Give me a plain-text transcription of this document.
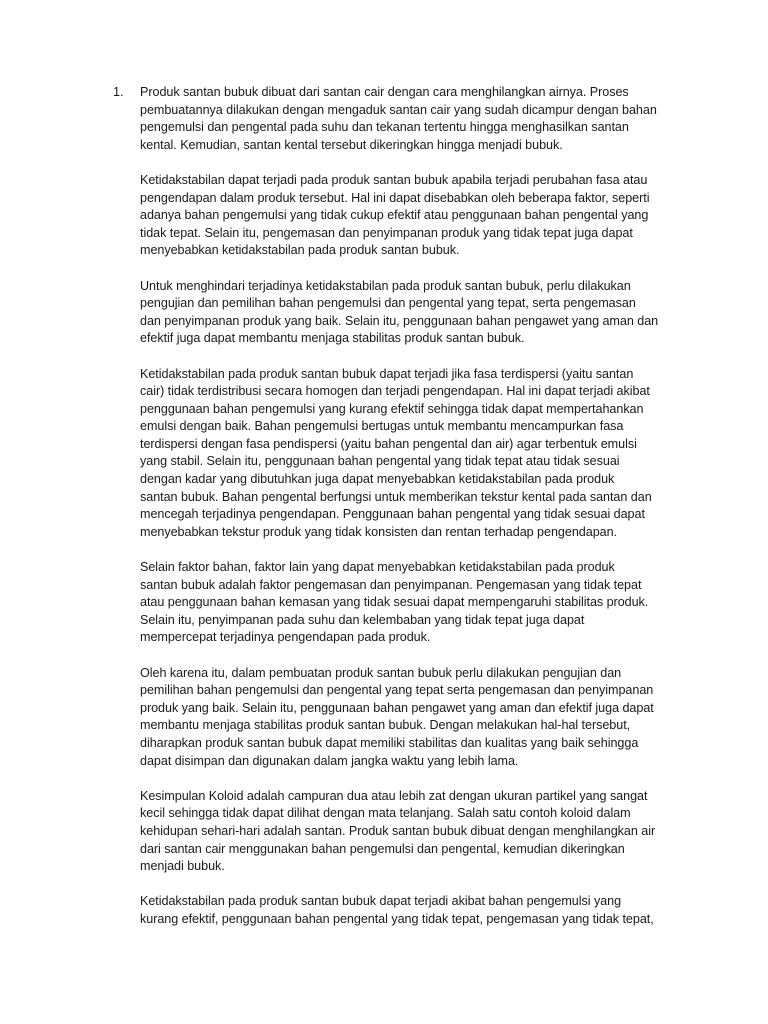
1. Produk santan bubuk dibuat dari santan cair dengan cara menghilangkan airnya. Proses
pembuatannya dilakukan dengan mengaduk santan cair yang sudah dicampur dengan bahan
pengemulsi dan pengental pada suhu dan tekanan tertentu hingga menghasilkan santan
kental. Kemudian, santan kental tersebut dikeringkan hingga menjadi bubuk.

Ketidakstabilan dapat terjadi pada produk santan bubuk apabila terjadi perubahan fasa atau
pengendapan dalam produk tersebut. Hal ini dapat disebabkan oleh beberapa faktor, seperti
adanya bahan pengemulsi yang tidak cukup efektif atau penggunaan bahan pengental yang
tidak tepat. Selain itu, pengemasan dan penyimpanan produk yang tidak tepat juga dapat
menyebabkan ketidakstabilan pada produk santan bubuk.

Untuk menghindari terjadinya ketidakstabilan pada produk santan bubuk, perlu dilakukan
pengujian dan pemilihan bahan pengemulsi dan pengental yang tepat, serta pengemasan
dan penyimpanan produk yang baik. Selain itu, penggunaan bahan pengawet yang aman dan
efektif juga dapat membantu menjaga stabilitas produk santan bubuk.

Ketidakstabilan pada produk santan bubuk dapat terjadi jika fasa terdispersi (yaitu santan
cair) tidak terdistribusi secara homogen dan terjadi pengendapan. Hal ini dapat terjadi akibat
penggunaan bahan pengemulsi yang kurang efektif sehingga tidak dapat mempertahankan
emulsi dengan baik. Bahan pengemulsi bertugas untuk membantu mencampurkan fasa
terdispersi dengan fasa pendispersi (yaitu bahan pengental dan air) agar terbentuk emulsi
yang stabil. Selain itu, penggunaan bahan pengental yang tidak tepat atau tidak sesuai
dengan kadar yang dibutuhkan juga dapat menyebabkan ketidakstabilan pada produk
santan bubuk. Bahan pengental berfungsi untuk memberikan tekstur kental pada santan dan
mencegah terjadinya pengendapan. Penggunaan bahan pengental yang tidak sesuai dapat
menyebabkan tekstur produk yang tidak konsisten dan rentan terhadap pengendapan.

Selain faktor bahan, faktor lain yang dapat menyebabkan ketidakstabilan pada produk
santan bubuk adalah faktor pengemasan dan penyimpanan. Pengemasan yang tidak tepat
atau penggunaan bahan kemasan yang tidak sesuai dapat mempengaruhi stabilitas produk.
Selain itu, penyimpanan pada suhu dan kelembaban yang tidak tepat juga dapat
mempercepat terjadinya pengendapan pada produk.

Oleh karena itu, dalam pembuatan produk santan bubuk perlu dilakukan pengujian dan
pemilihan bahan pengemulsi dan pengental yang tepat serta pengemasan dan penyimpanan
produk yang baik. Selain itu, penggunaan bahan pengawet yang aman dan efektif juga dapat
membantu menjaga stabilitas produk santan bubuk. Dengan melakukan hal-hal tersebut,
diharapkan produk santan bubuk dapat memiliki stabilitas dan kualitas yang baik sehingga
dapat disimpan dan digunakan dalam jangka waktu yang lebih lama.

Kesimpulan Koloid adalah campuran dua atau lebih zat dengan ukuran partikel yang sangat
kecil sehingga tidak dapat dilihat dengan mata telanjang. Salah satu contoh koloid dalam
kehidupan sehari-hari adalah santan. Produk santan bubuk dibuat dengan menghilangkan air
dari santan cair menggunakan bahan pengemulsi dan pengental, kemudian dikeringkan
menjadi bubuk.

Ketidakstabilan pada produk santan bubuk dapat terjadi akibat bahan pengemulsi yang
kurang efektif, penggunaan bahan pengental yang tidak tepat, pengemasan yang tidak tepat,
